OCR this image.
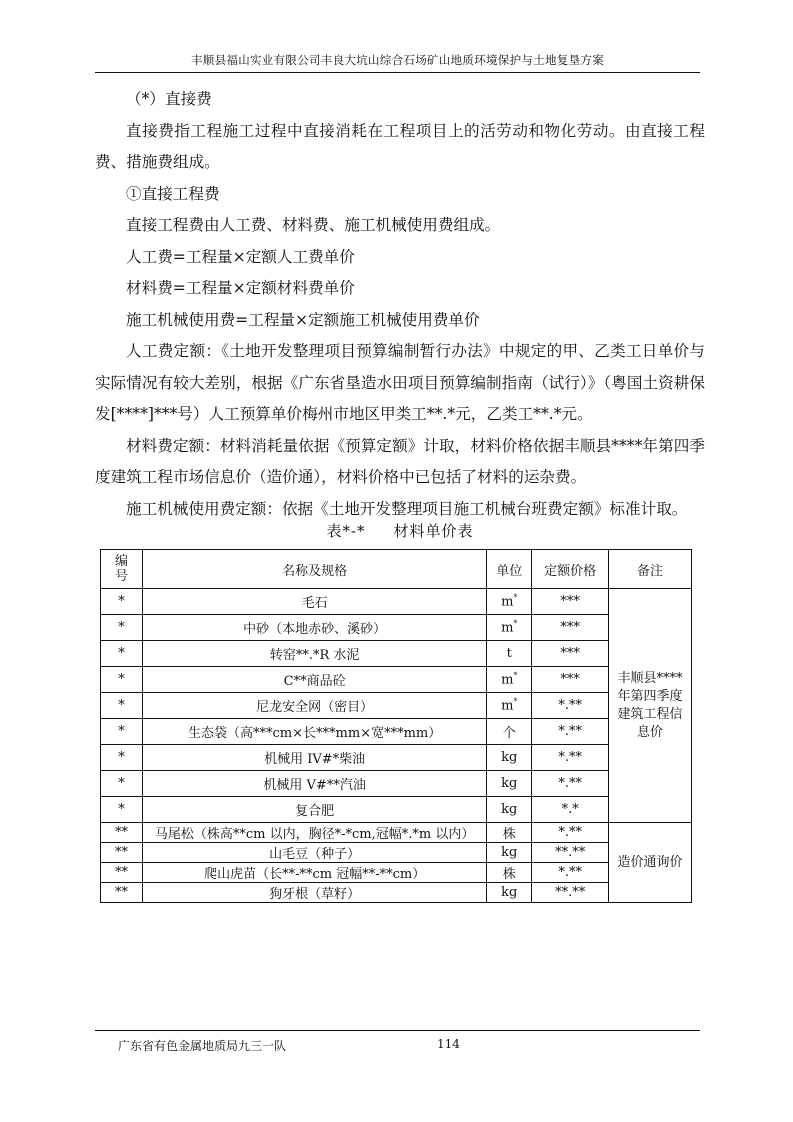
丰顺县福山实业有限公司丰良大坑山综合石场矿山地质环境保护与土地复垦方案

（*）直接费

直接费指工程施工过程中直接消耗在工程项目上的活劳动和物化劳动。由直接工程费、措施费组成。

①直接工程费

直接工程费由人工费、材料费、施工机械使用费组成。

人工费=工程量×定额人工费单价

材料费=工程量×定额材料费单价

施工机械使用费=工程量×定额施工机械使用费单价

人工费定额：《土地开发整理项目预算编制暂行办法》中规定的甲、乙类工日单价与实际情况有较大差别，根据《广东省垦造水田项目预算编制指南（试行）》（粤国土资耕保发[****]***号）人工预算单价梅州市地区甲类工**.*元，乙类工**.*元。

材料费定额：材料消耗量依据《预算定额》计取，材料价格依据丰顺县****年第四季度建筑工程市场信息价（造价通），材料价格中已包括了材料的运杂费。

施工机械使用费定额：依据《土地开发整理项目施工机械台班费定额》标准计取。

表*-* 材料单价表
编号	名称及规格	单位	定额价格	备注
*	毛石	m*	***	丰顺县****年第四季度建筑工程信息价
*	中砂（本地赤砂、溪砂）	m*	***	
*	转窑**.*R 水泥	t	***	
*	C**商品砼	m*	***	
*	尼龙安全网（密目）	m*	*.**	
*	生态袋（高***cm×长***mm×宽***mm）	个	*.**	
*	机械用 IV#*柴油	kg	*.**	
*	机械用 V#**汽油	kg	*.**	
*	复合肥	kg	*.*	
**	马尾松（株高**cm 以内，胸径*-*cm,冠幅*.*m 以内）	株	*.**	造价通询价
**	山毛豆（种子）	kg	**.**	
**	爬山虎苗（长**-**cm 冠幅**-**cm）	株	*.**	
**	狗牙根（草籽）	kg	**.**	
广东省有色金属地质局九三一队	114
